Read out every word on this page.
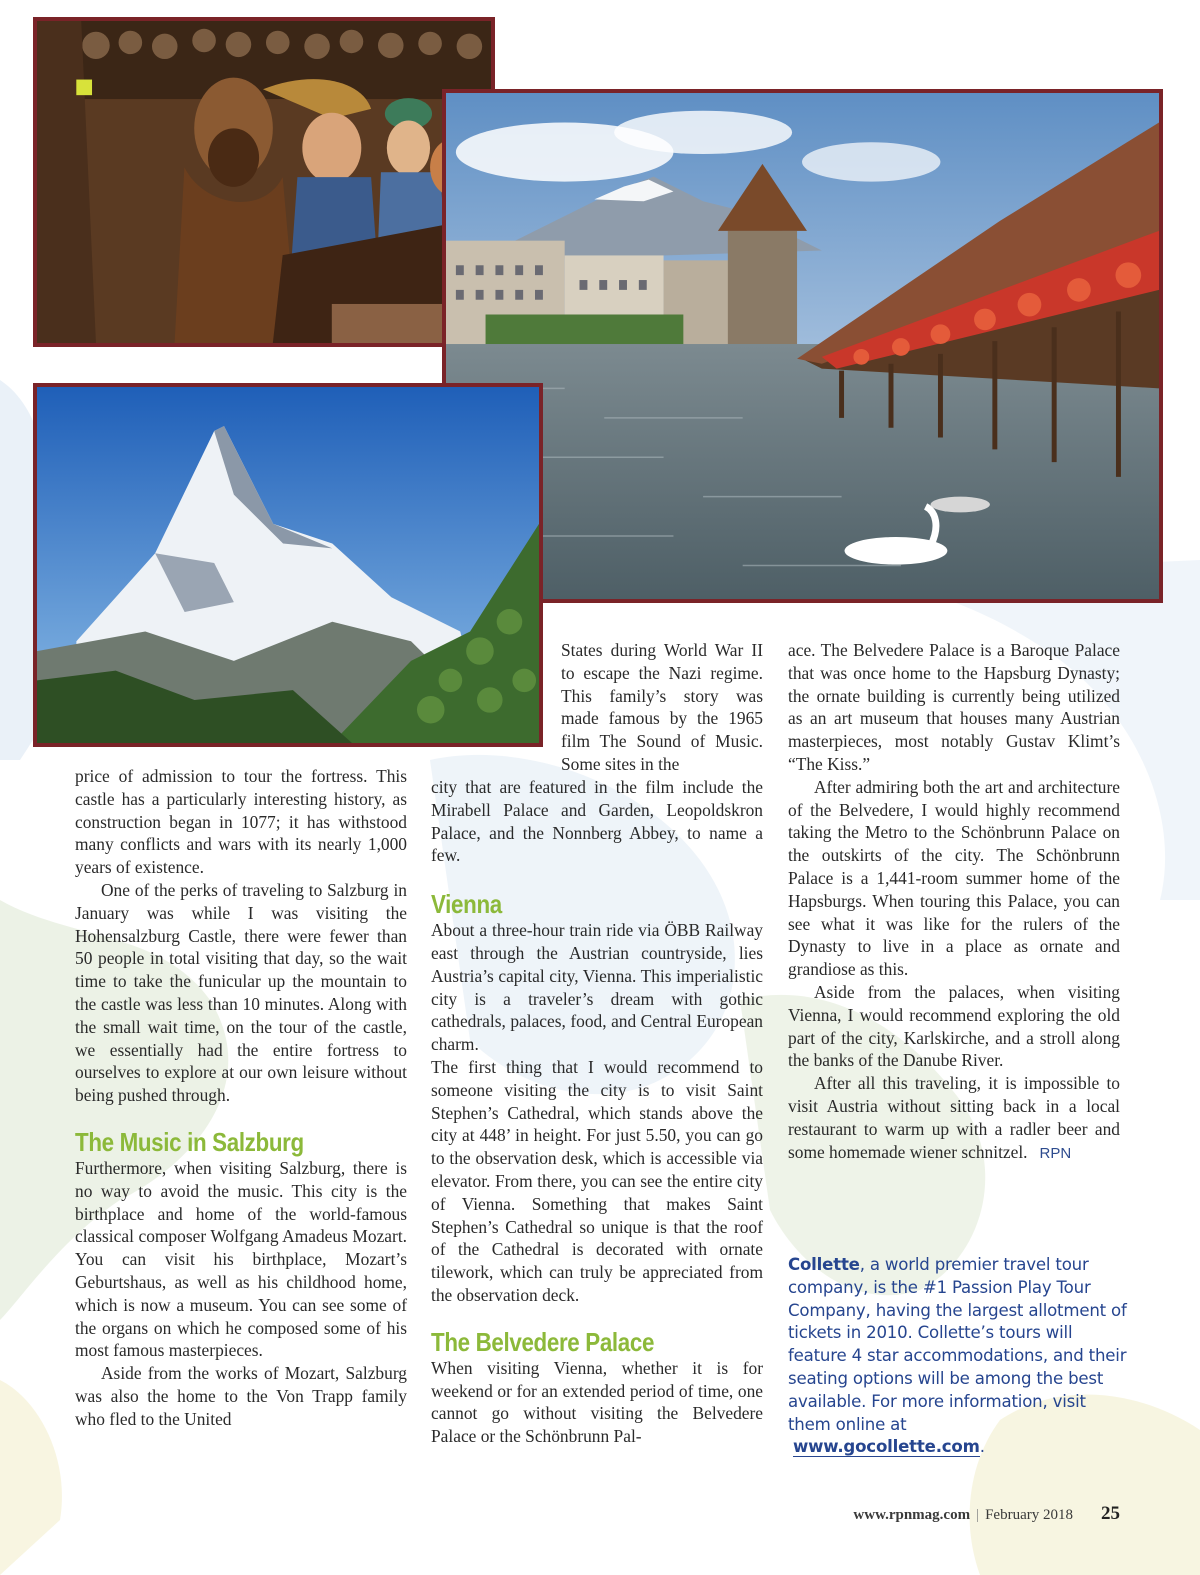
price of admission to tour the fortress. This castle has a particularly interesting history, as construction began in 1077; it has withstood many conflicts and wars with its nearly 1,000 years of existence.

One of the perks of traveling to Salzburg in January was while I was visiting the Hohensalzburg Castle, there were fewer than 50 people in total visiting that day, so the wait time to take the funicular up the mountain to the castle was less than 10 minutes. Along with the small wait time, on the tour of the castle, we essentially had the entire fortress to ourselves to explore at our own leisure without being pushed through.

The Music in Salzburg

Furthermore, when visiting Salzburg, there is no way to avoid the music. This city is the birthplace and home of the world-famous classical composer Wolfgang Amadeus Mozart. You can visit his birthplace, Mozart’s Geburtshaus, as well as his childhood home, which is now a museum. You can see some of the organs on which he composed some of his most famous masterpieces.

Aside from the works of Mozart, Salzburg was also the home to the Von Trapp family who fled to the United

States during World War II to escape the Nazi regime. This family’s story was made famous by the 1965 film The Sound of Music. Some sites in the

city that are featured in the film include the Mirabell Palace and Garden, Leopoldskron Palace, and the Nonnberg Abbey, to name a few.

Vienna

About a three-hour train ride via ÖBB Railway east through the Austrian countryside, lies Austria’s capital city, Vienna. This imperialistic city is a traveler’s dream with gothic cathedrals, palaces, food, and Central European charm.

The first thing that I would recommend to someone visiting the city is to visit Saint Stephen’s Cathedral, which stands above the city at 448’ in height. For just 5.50, you can go to the observation desk, which is accessible via elevator. From there, you can see the entire city of Vienna. Something that makes Saint Stephen’s Cathedral so unique is that the roof of the Cathedral is decorated with ornate tilework, which can truly be appreciated from the observation deck.

The Belvedere Palace

When visiting Vienna, whether it is for weekend or for an extended period of time, one cannot go without visiting the Belvedere Palace or the Schönbrunn Pal-

ace. The Belvedere Palace is a Baroque Palace that was once home to the Hapsburg Dynasty; the ornate building is currently being utilized as an art museum that houses many Austrian masterpieces, most notably Gustav Klimt’s “The Kiss.”

After admiring both the art and architecture of the Belvedere, I would highly recommend taking the Metro to the Schönbrunn Palace on the outskirts of the city. The Schönbrunn Palace is a 1,441-room summer home of the Hapsburgs. When touring this Palace, you can see what it was like for the rulers of the Dynasty to live in a place as ornate and grandiose as this.

Aside from the palaces, when visiting Vienna, I would recommend exploring the old part of the city, Karlskirche, and a stroll along the banks of the Danube River.

After all this traveling, it is impossible to visit Austria without sitting back in a local restaurant to warm up with a radler beer and some homemade wiener schnitzel. RPN

Collette, a world premier travel tour company, is the #1 Passion Play Tour Company, having the largest allotment of tickets in 2010. Collette’s tours will feature 4 star accommodations, and their seating options will be among the best available. For more information, visit them online at
www.gocollette.com.
www.rpnmag.com | February 2018 25
